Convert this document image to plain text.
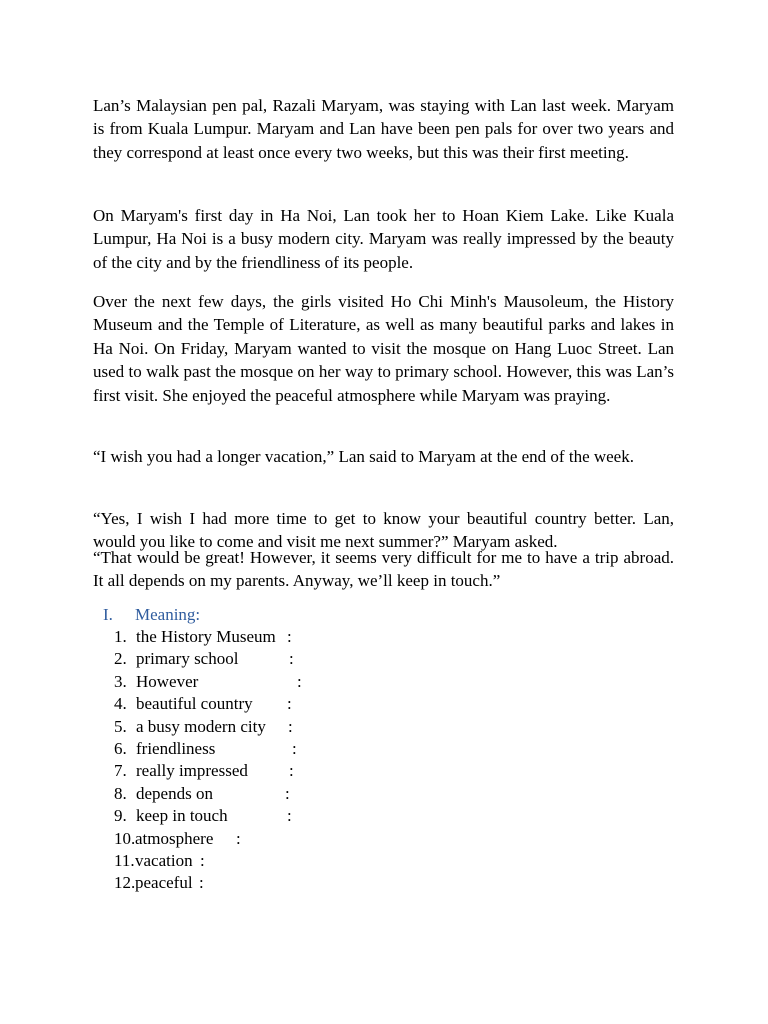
Lan’s Malaysian pen pal, Razali Maryam, was staying with Lan last week. Maryam is from Kuala Lumpur. Maryam and Lan have been pen pals for over two years and they correspond at least once every two weeks, but this was their first meeting.

On Maryam's first day in Ha Noi, Lan took her to Hoan Kiem Lake. Like Kuala Lumpur, Ha Noi is a busy modern city. Maryam was really impressed by the beauty of the city and by the friendliness of its people.

Over the next few days, the girls visited Ho Chi Minh's Mausoleum, the History Museum and the Temple of Literature, as well as many beautiful parks and lakes in Ha Noi. On Friday, Maryam wanted to visit the mosque on Hang Luoc Street. Lan used to walk past the mosque on her way to primary school. However, this was Lan’s first visit. She enjoyed the peaceful atmosphere while Maryam was praying.

“I wish you had a longer vacation,” Lan said to Maryam at the end of the week.

“Yes, I wish I had more time to get to know your beautiful country better. Lan, would you like to come and visit me next summer?” Maryam asked.

“That would be great! However, it seems very difficult for me to have a trip abroad. It all depends on my parents. Anyway, we’ll keep in touch.”

I. Meaning:
1. the History Museum :
2. primary school	:
3. However	:
4. beautiful country :
5. a busy modern city :
6. friendliness	:
7. really impressed :
8. depends on	:
9. keep in touch	:
10. atmosphere :
11. vacation :
12. peaceful :
